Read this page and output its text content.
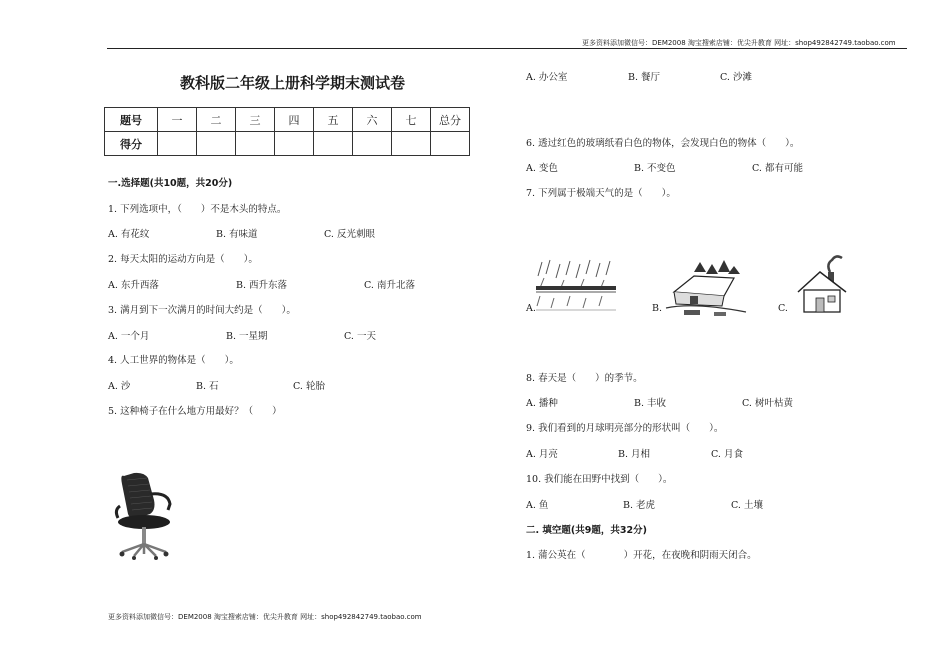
更多资料添加微信号：DEM2008 淘宝搜索店铺：优尖升教育 网址：shop492842749.taobao.com
教科版二年级上册科学期末测试卷
题号	一	二	三	四	五	六	七	总分
得分								
一.选择题(共10题，共20分)
1. 下列选项中，（　　）不是木头的特点。
A. 有花纹	B. 有味道	C. 反光刺眼
2. 每天太阳的运动方向是（　　）。
A. 东升西落	B. 西升东落	C. 南升北落
3. 满月到下一次满月的时间大约是（　　）。
A. 一个月	B. 一星期	C. 一天
4. 人工世界的物体是（　　）。
A. 沙	B. 石	C. 轮胎
5. 这种椅子在什么地方用最好？（　　）
A. 办公室	B. 餐厅	C. 沙滩
6. 透过红色的玻璃纸看白色的物体，会发现白色的物体（　　）。
A. 变色	B. 不变色	C. 都有可能
7. 下列属于极端天气的是（　　）。
A.	B.	C.
8. 春天是（　　）的季节。
A. 播种	B. 丰收	C. 树叶枯黄
9. 我们看到的月球明亮部分的形状叫（　　）。
A. 月亮	B. 月相	C. 月食
10. 我们能在田野中找到（　　）。
A. 鱼	B. 老虎	C. 土壤
二. 填空题(共9题，共32分)
1. 蒲公英在（　　　　）开花，在夜晚和阴雨天闭合。
更多资料添加微信号：DEM2008 淘宝搜索店铺：优尖升教育 网址：shop492842749.taobao.com
